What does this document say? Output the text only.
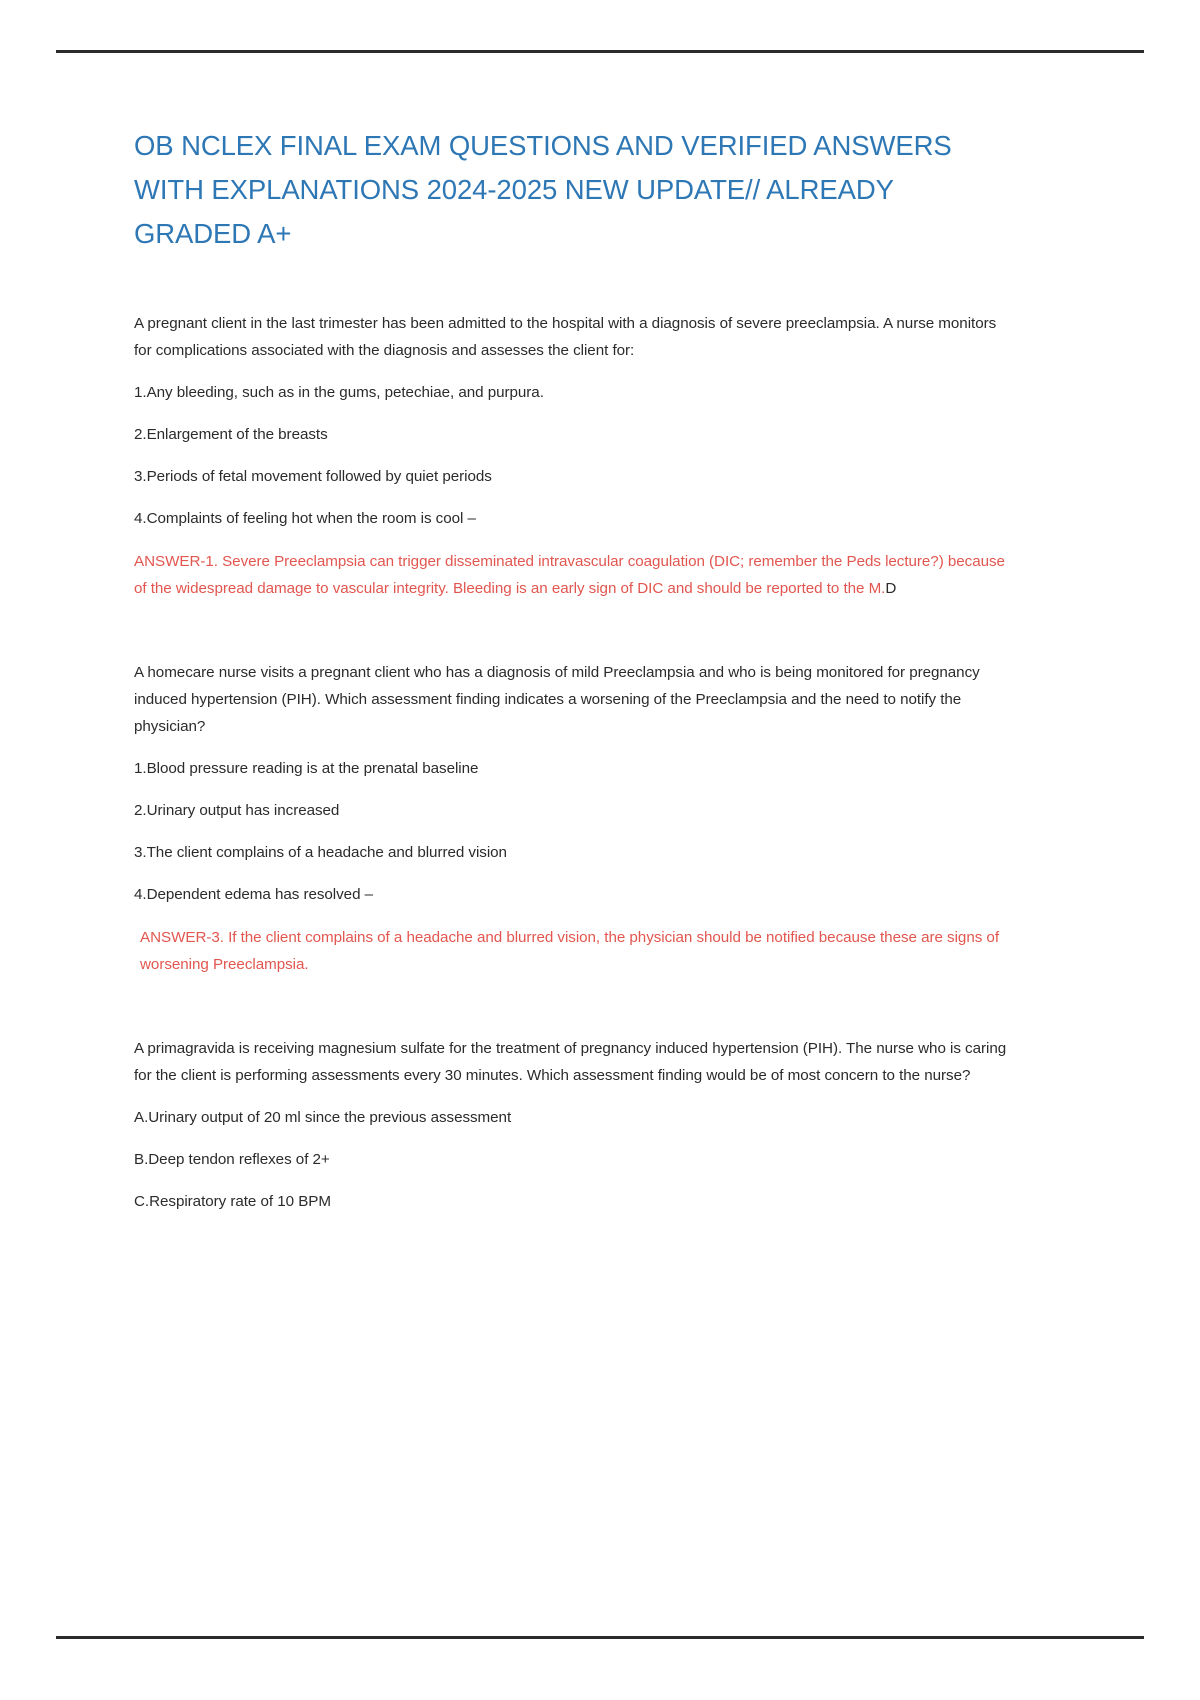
OB NCLEX FINAL EXAM QUESTIONS AND VERIFIED ANSWERS WITH EXPLANATIONS 2024-2025 NEW UPDATE// ALREADY GRADED A+

A pregnant client in the last trimester has been admitted to the hospital with a diagnosis of severe preeclampsia. A nurse monitors for complications associated with the diagnosis and assesses the client for:

1.Any bleeding, such as in the gums, petechiae, and purpura.

2.Enlargement of the breasts

3.Periods of fetal movement followed by quiet periods

4.Complaints of feeling hot when the room is cool –

ANSWER-1. Severe Preeclampsia can trigger disseminated intravascular coagulation (DIC; remember the Peds lecture?) because of the widespread damage to vascular integrity. Bleeding is an early sign of DIC and should be reported to the M.D

A homecare nurse visits a pregnant client who has a diagnosis of mild Preeclampsia and who is being monitored for pregnancy induced hypertension (PIH). Which assessment finding indicates a worsening of the Preeclampsia and the need to notify the physician?

1.Blood pressure reading is at the prenatal baseline

2.Urinary output has increased

3.The client complains of a headache and blurred vision

4.Dependent edema has resolved –

ANSWER-3. If the client complains of a headache and blurred vision, the physician should be notified because these are signs of worsening Preeclampsia.

A primagravida is receiving magnesium sulfate for the treatment of pregnancy induced hypertension (PIH). The nurse who is caring for the client is performing assessments every 30 minutes. Which assessment finding would be of most concern to the nurse?

A.Urinary output of 20 ml since the previous assessment

B.Deep tendon reflexes of 2+

C.Respiratory rate of 10 BPM
